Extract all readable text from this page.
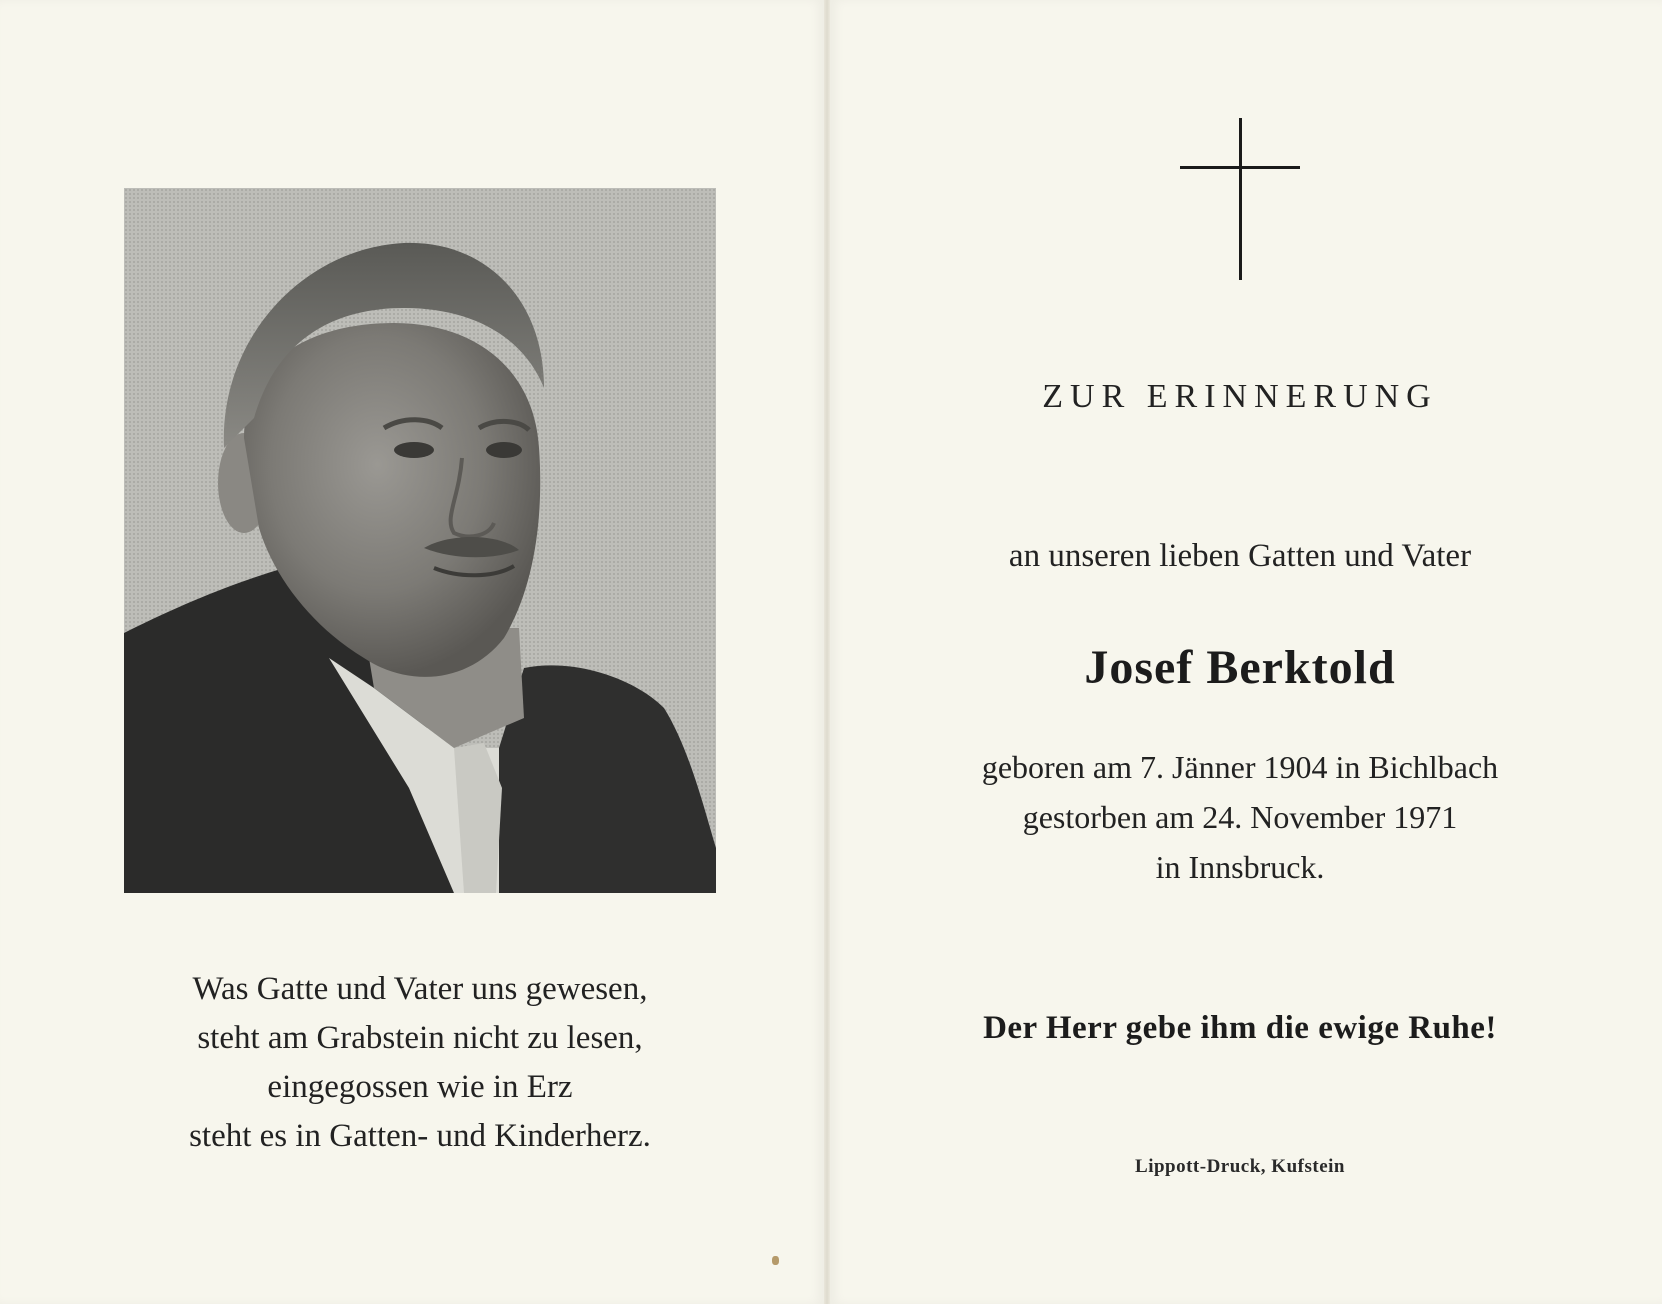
Was Gatte und Vater uns gewesen,
steht am Grabstein nicht zu lesen,
eingegossen wie in Erz
steht es in Gatten- und Kinderherz.
ZUR ERINNERUNG
an unseren lieben Gatten und Vater
Josef Berktold
geboren am 7. Jänner 1904 in Bichlbach
gestorben am 24. November 1971
in Innsbruck.
Der Herr gebe ihm die ewige Ruhe!
Lippott-Druck, Kufstein
